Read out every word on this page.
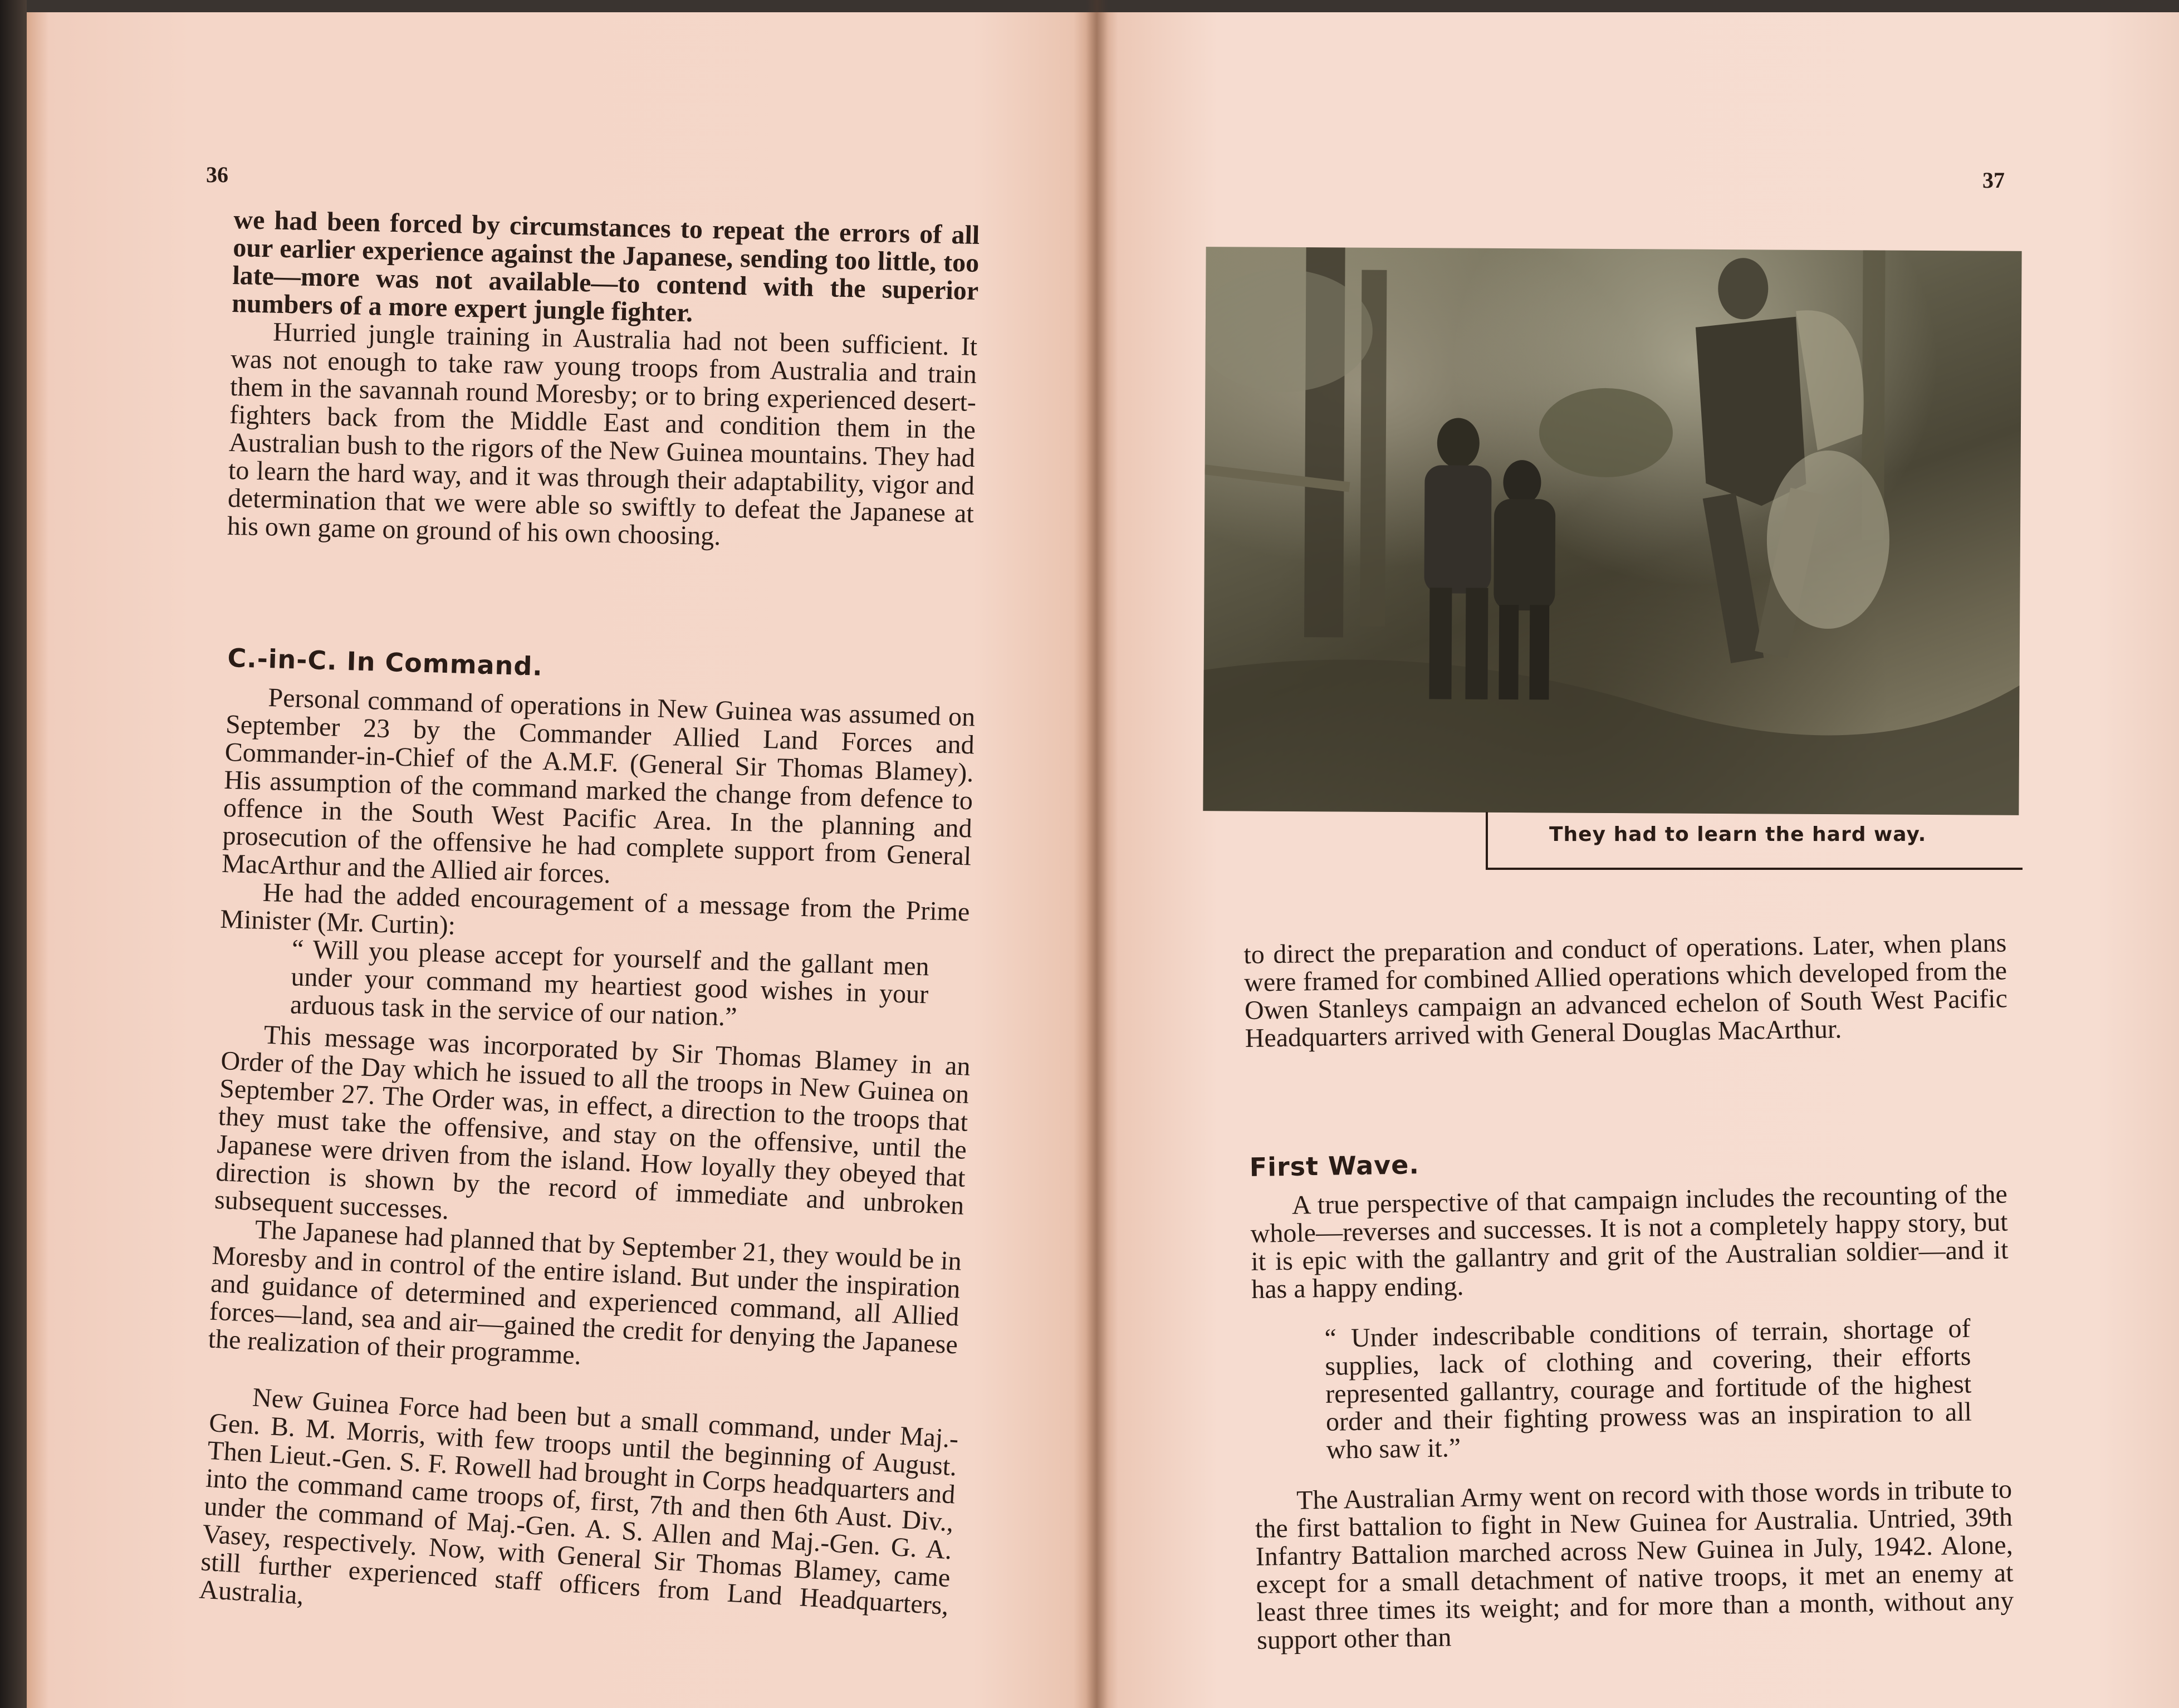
36	37

we had been forced by circumstances to repeat the errors of all our earlier experience against the Japanese, sending too little, too late—more was not available—to contend with the superior numbers of a more expert jungle fighter.

Hurried jungle training in Australia had not been sufficient. It was not enough to take raw young troops from Australia and train them in the savannah round Moresby; or to bring experienced desert-fighters back from the Middle East and condition them in the Australian bush to the rigors of the New Guinea mountains. They had to learn the hard way, and it was through their adaptability, vigor and determination that we were able so swiftly to defeat the Japanese at his own game on ground of his own choosing.

C.-in-C. In Command.

Personal command of operations in New Guinea was assumed on September 23 by the Commander Allied Land Forces and Commander-in-Chief of the A.M.F. (General Sir Thomas Blamey). His assumption of the command marked the change from defence to offence in the South West Pacific Area. In the planning and prosecution of the offensive he had complete support from General MacArthur and the Allied air forces.

He had the added encouragement of a message from the Prime Minister (Mr. Curtin):

“ Will you please accept for yourself and the gallant men under your command my heartiest good wishes in your arduous task in the service of our nation.”

This message was incorporated by Sir Thomas Blamey in an Order of the Day which he issued to all the troops in New Guinea on September 27. The Order was, in effect, a direction to the troops that they must take the offensive, and stay on the offensive, until the Japanese were driven from the island. How loyally they obeyed that direction is shown by the record of immediate and unbroken subsequent successes.

The Japanese had planned that by September 21, they would be in Moresby and in control of the entire island. But under the inspiration and guidance of determined and experienced command, all Allied forces—land, sea and air—gained the credit for denying the Japanese the realization of their programme.

New Guinea Force had been but a small command, under Maj.-Gen. B. M. Morris, with few troops until the beginning of August. Then Lieut.-Gen. S. F. Rowell had brought in Corps headquarters and into the command came troops of, first, 7th and then 6th Aust. Div., under the command of Maj.-Gen. A. S. Allen and Maj.-Gen. G. A. Vasey, respectively. Now, with General Sir Thomas Blamey, came still further experienced staff officers from Land Headquarters, Australia,

They had to learn the hard way.

to direct the preparation and conduct of operations. Later, when plans were framed for combined Allied operations which developed from the Owen Stanleys campaign an advanced echelon of South West Pacific Headquarters arrived with General Douglas MacArthur.

First Wave.

A true perspective of that campaign includes the recounting of the whole—reverses and successes. It is not a completely happy story, but it is epic with the gallantry and grit of the Australian soldier—and it has a happy ending.

“ Under indescribable conditions of terrain, shortage of supplies, lack of clothing and covering, their efforts represented gallantry, courage and fortitude of the highest order and their fighting prowess was an inspiration to all who saw it.”

The Australian Army went on record with those words in tribute to the first battalion to fight in New Guinea for Australia. Untried, 39th Infantry Battalion marched across New Guinea in July, 1942. Alone, except for a small detachment of native troops, it met an enemy at least three times its weight; and for more than a month, without any support other than
